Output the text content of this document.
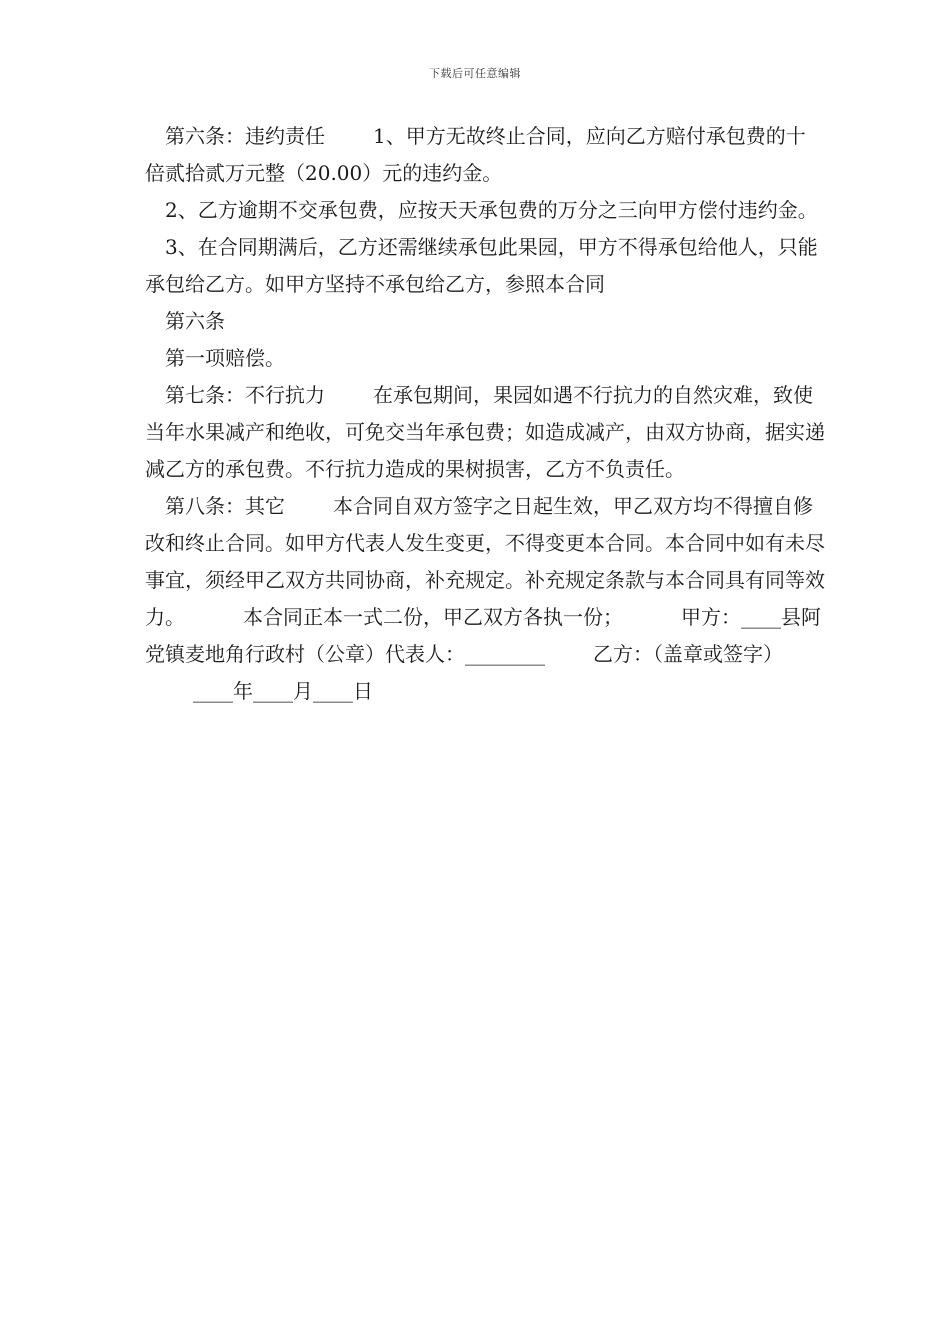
下载后可任意编辑

第六条：违约责任 1、甲方无故终止合同，应向乙方赔付承包费的十倍贰拾贰万元整（20.00）元的违约金。

2、乙方逾期不交承包费，应按天天承包费的万分之三向甲方偿付违约金。

3、在合同期满后，乙方还需继续承包此果园，甲方不得承包给他人，只能承包给乙方。如甲方坚持不承包给乙方，参照本合同

第六条

第一项赔偿。

第七条：不行抗力 在承包期间，果园如遇不行抗力的自然灾难，致使当年水果减产和绝收，可免交当年承包费；如造成减产，由双方协商，据实递减乙方的承包费。不行抗力造成的果树损害，乙方不负责任。

第八条：其它 本合同自双方签字之日起生效，甲乙双方均不得擅自修改和终止合同。如甲方代表人发生变更，不得变更本合同。本合同中如有未尽事宜，须经甲乙双方共同协商，补充规定。补充规定条款与本合同具有同等效力。	本合同正本一式二份，甲乙双方各执一份；	甲方：____县阿党镇麦地角行政村（公章）代表人：________ 乙方：（盖章或签字）____年____月____日
